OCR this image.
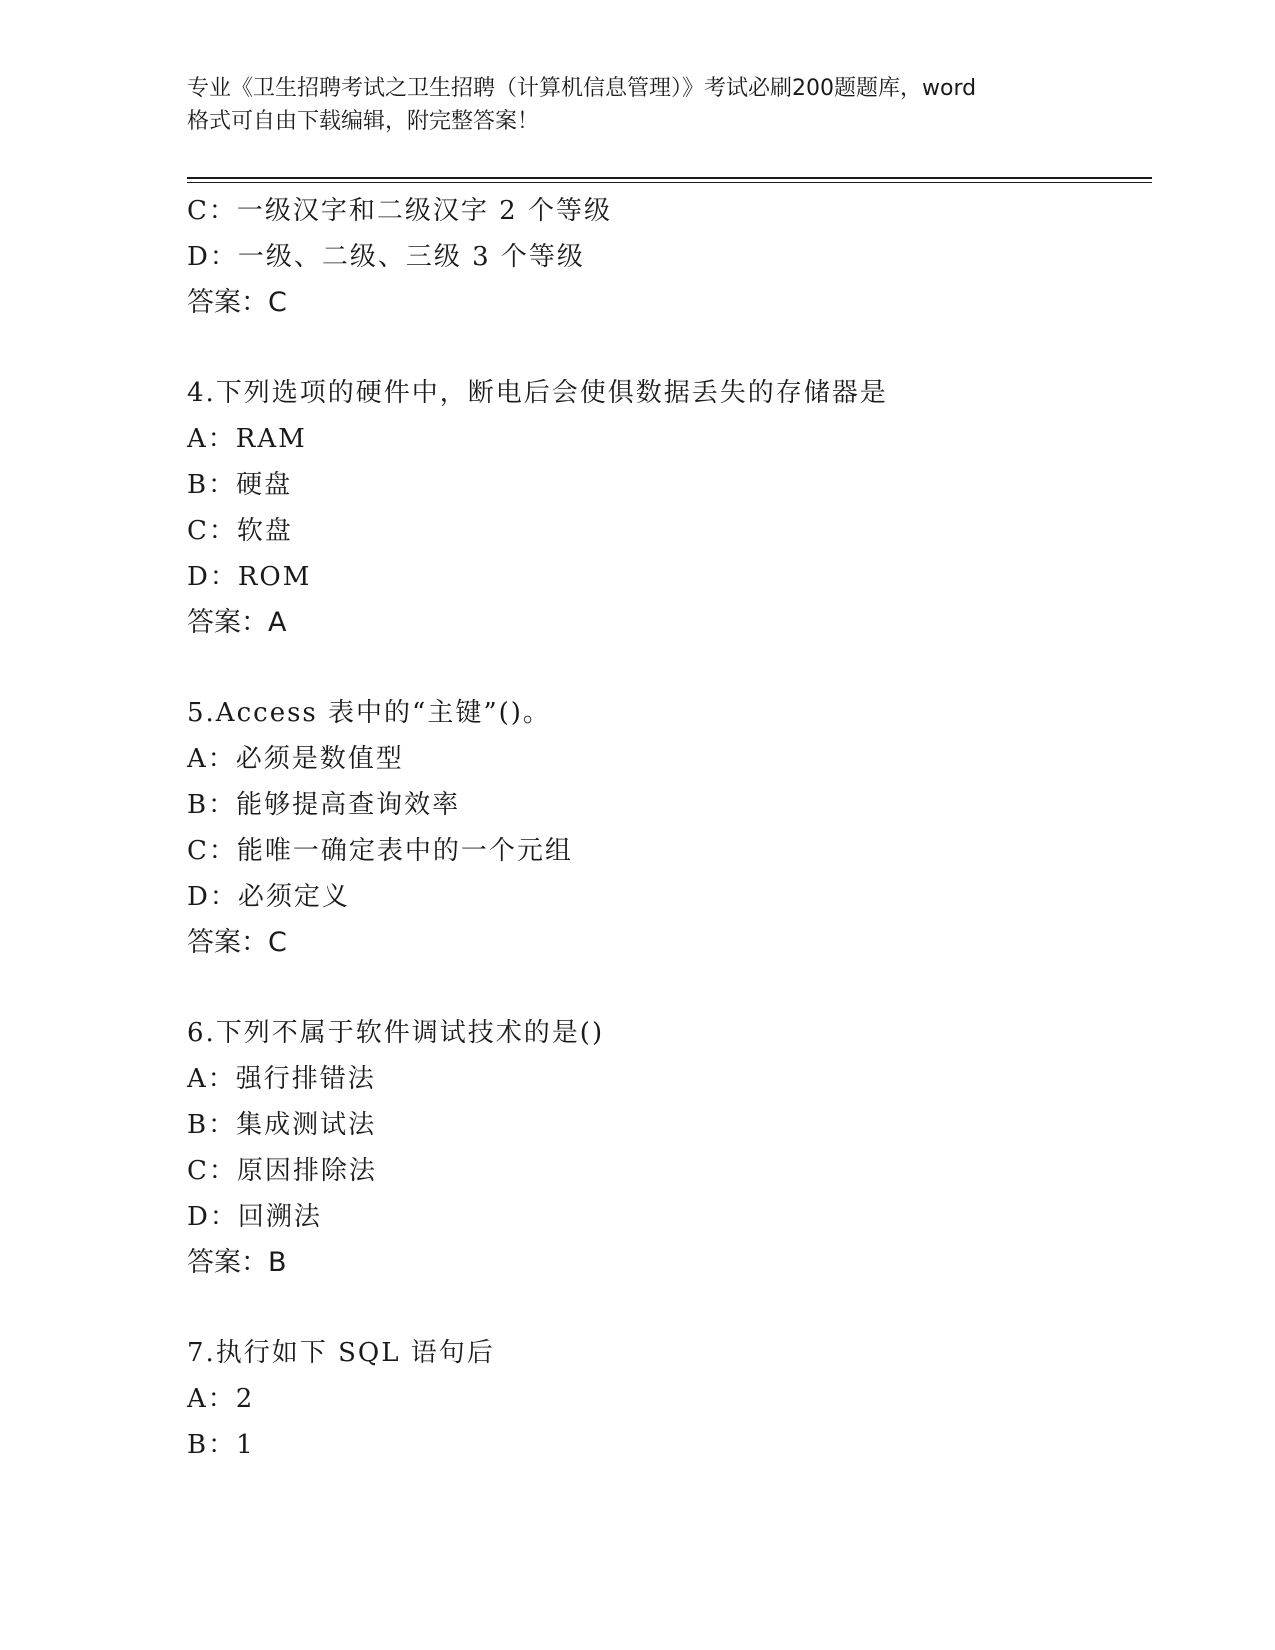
专业《卫生招聘考试之卫生招聘（计算机信息管理）》考试必刷200题题库，word
格式可自由下载编辑，附完整答案！
C：一级汉字和二级汉字 2 个等级
D：一级、二级、三级 3 个等级
答案：C
4.下列选项的硬件中，断电后会使俱数据丢失的存储器是
A：RAM
B：硬盘
C：软盘
D：ROM
答案：A
5.Access 表中的“主键”()。
A：必须是数值型
B：能够提高查询效率
C：能唯一确定表中的一个元组
D：必须定义
答案：C
6.下列不属于软件调试技术的是()
A：强行排错法
B：集成测试法
C：原因排除法
D：回溯法
答案：B
7.执行如下 SQL 语句后
A：2
B：1
